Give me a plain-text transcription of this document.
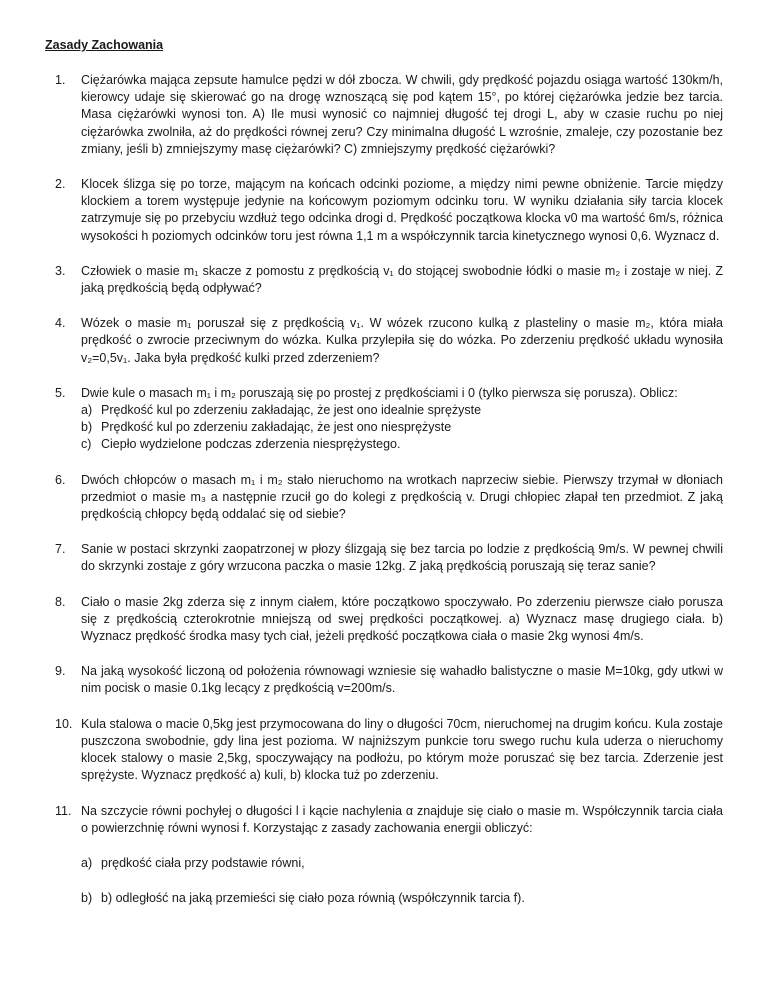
Zasady Zachowania
1.	Ciężarówka mająca zepsute hamulce pędzi w dół zbocza. W chwili, gdy prędkość pojazdu osiąga wartość 130km/h, kierowcy udaje się skierować go na drogę wznoszącą się pod kątem 15°, po której ciężarówka jedzie bez tarcia. Masa ciężarówki wynosi ton. A) Ile musi wynosić co najmniej długość tej drogi L, aby w czasie ruchu po niej ciężarówka zwolniła, aż do prędkości równej zeru? Czy minimalna długość L wzrośnie, zmaleje, czy pozostanie bez zmiany, jeśli b) zmniejszymy masę ciężarówki? C) zmniejszymy prędkość ciężarówki?
2.	Klocek ślizga się po torze, mającym na końcach odcinki poziome, a między nimi pewne obniżenie. Tarcie między klockiem a torem występuje jedynie na końcowym poziomym odcinku toru. W wyniku działania siły tarcia klocek zatrzymuje się po przebyciu wzdłuż tego odcinka drogi d. Prędkość początkowa klocka v0 ma wartość 6m/s, różnica wysokości h poziomych odcinków toru jest równa 1,1 m a współczynnik tarcia kinetycznego wynosi 0,6. Wyznacz d.
3.	Człowiek o masie m₁ skacze z pomostu z prędkością v₁ do stojącej swobodnie łódki o masie m₂ i zostaje w niej. Z jaką prędkością będą odpływać?
4.	Wózek o masie m₁ poruszał się z prędkością v₁. W wózek rzucono kulką z plasteliny o masie m₂, która miała prędkość o zwrocie przeciwnym do wózka. Kulka przylepiła się do wózka. Po zderzeniu prędkość układu wynosiła v₂=0,5v₁. Jaka była prędkość kulki przed zderzeniem?
5.	Dwie kule o masach m₁ i m₂ poruszają się po prostej z prędkościami i 0 (tylko pierwsza się porusza). Oblicz:
a) Prędkość kul po zderzeniu zakładając, że jest ono idealnie sprężyste
b) Prędkość kul po zderzeniu zakładając, że jest ono niesprężyste
c) Ciepło wydzielone podczas zderzenia niesprężystego.
6.	Dwóch chłopców o masach m₁ i m₂ stało nieruchomo na wrotkach naprzeciw siebie. Pierwszy trzymał w dłoniach przedmiot o masie m₃ a następnie rzucił go do kolegi z prędkością v. Drugi chłopiec złapał ten przedmiot. Z jaką prędkością chłopcy będą oddalać się od siebie?
7.	Sanie w postaci skrzynki zaopatrzonej w płozy ślizgają się bez tarcia po lodzie z prędkością 9m/s. W pewnej chwili do skrzynki zostaje z góry wrzucona paczka o masie 12kg. Z jaką prędkością poruszają się teraz sanie?
8.	Ciało o masie 2kg zderza się z innym ciałem, które początkowo spoczywało. Po zderzeniu pierwsze ciało porusza się z prędkością czterokrotnie mniejszą od swej prędkości początkowej. a) Wyznacz masę drugiego ciała. b) Wyznacz prędkość środka masy tych ciał, jeżeli prędkość początkowa ciała o masie 2kg wynosi 4m/s.
9.	Na jaką wysokość liczoną od położenia równowagi wzniesie się wahadło balistyczne o masie M=10kg, gdy utkwi w nim pocisk o masie 0.1kg lecący z prędkością v=200m/s.
10. Kula stalowa o macie 0,5kg jest przymocowana do liny o długości 70cm, nieruchomej na drugim końcu. Kula zostaje puszczona swobodnie, gdy lina jest pozioma. W najniższym punkcie toru swego ruchu kula uderza o nieruchomy klocek stalowy o masie 2,5kg, spoczywający na podłożu, po którym może poruszać się bez tarcia. Zderzenie jest sprężyste. Wyznacz prędkość a) kuli, b) klocka tuż po zderzeniu.
11. Na szczycie równi pochyłej o długości l i kącie nachylenia α znajduje się ciało o masie m. Współczynnik tarcia ciała o powierzchnię równi wynosi f. Korzystając z zasady zachowania energii obliczyć:
a) prędkość ciała przy podstawie równi,
b) b) odległość na jaką przemieści się ciało poza równią (współczynnik tarcia f).
